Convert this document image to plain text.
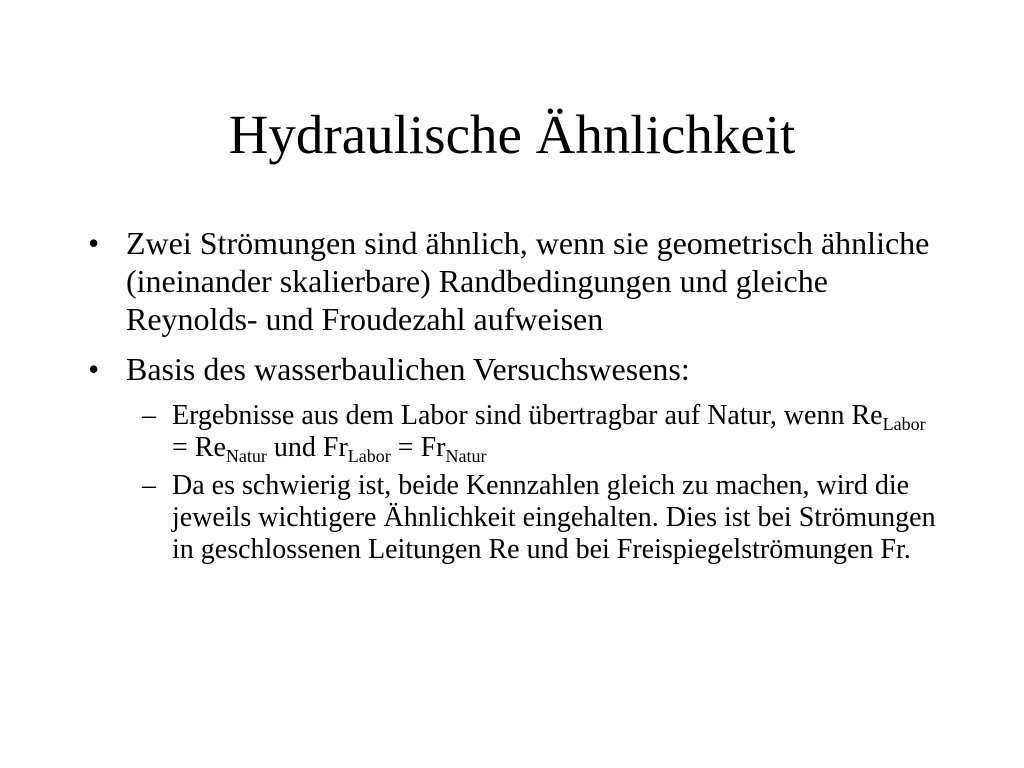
Hydraulische Ähnlichkeit
• Zwei Strömungen sind ähnlich, wenn sie geometrisch ähnliche (ineinander skalierbare) Randbedingungen und gleiche Reynolds- und Froudezahl aufweisen
• Basis des wasserbaulichen Versuchswesens:
– Ergebnisse aus dem Labor sind übertragbar auf Natur, wenn $Re_{Labor} = Re_{Natur}$ und $Fr_{Labor} = Fr_{Natur}$
– Da es schwierig ist, beide Kennzahlen gleich zu machen, wird die jeweils wichtigere Ähnlichkeit eingehalten. Dies ist bei Strömungen in geschlossenen Leitungen Re und bei Freispiegelströmungen Fr.
